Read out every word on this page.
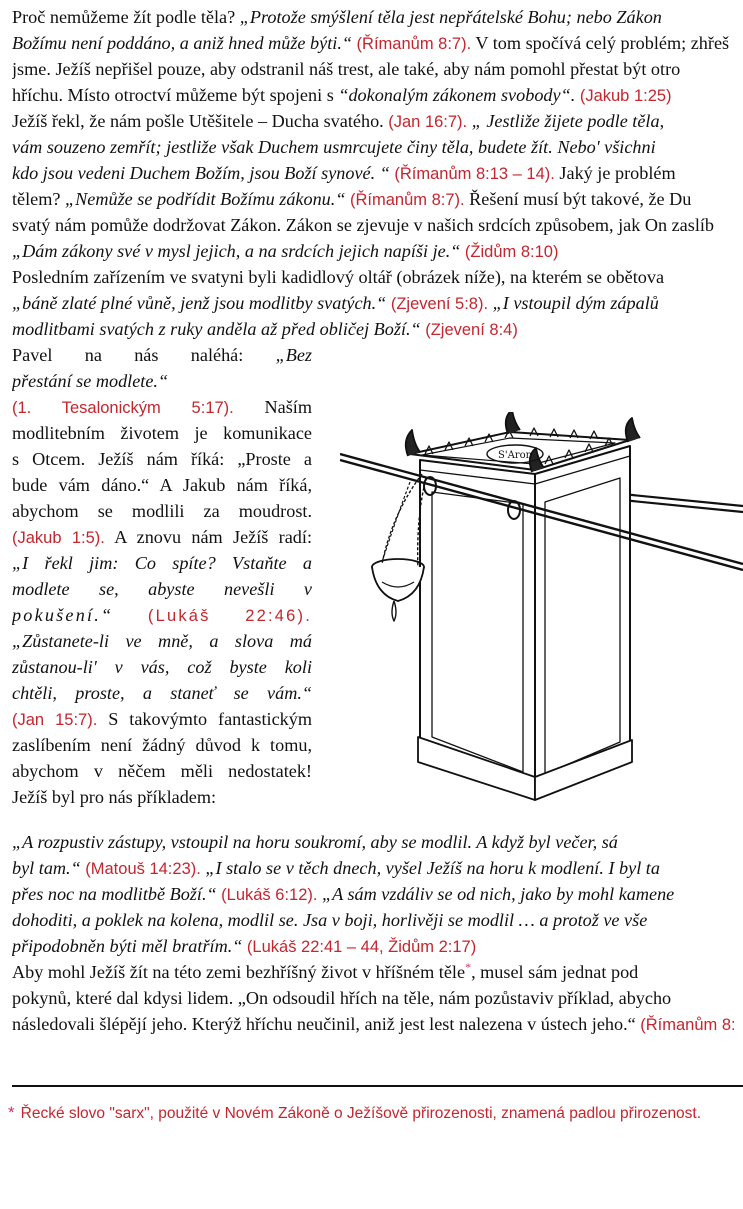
Proč nemůžeme žít podle těla? „Protože smýšlení těla jest nepřátelské Bohu; nebo Zákon
Božímu není poddáno, a aniž hned může býti.“ (Římanům 8:7). V tom spočívá celý problém; zhřeš
jsme. Ježíš nepřišel pouze, aby odstranil náš trest, ale také, aby nám pomohl přestat být otro
hříchu. Místo otroctví můžeme být spojeni s “dokonalým zákonem svobody“. (Jakub 1:25)
Ježíš řekl, že nám pošle Utěšitele – Ducha svatého. (Jan 16:7). „ Jestliže žijete podle těla,
vám souzeno zemřít; jestliže však Duchem usmrcujete činy těla, budete žít. Nebo' všichni
kdo jsou vedeni Duchem Božím, jsou Boží synové. “ (Římanům 8:13 – 14). Jaký je problém
tělem? „Nemůže se podřídit Božímu zákonu.“ (Římanům 8:7). Řešení musí být takové, že Du
svatý nám pomůže dodržovat Zákon. Zákon se zjevuje v našich srdcích způsobem, jak On zaslíb
„Dám zákony své v mysl jejich, a na srdcích jejich napíši je.“ (Židům 8:10)
Posledním zařízením ve svatyni byli kadidlový oltář (obrázek níže), na kterém se obětova
„báně zlaté plné vůně, jenž jsou modlitby svatých.“ (Zjevení 5:8). „I vstoupil dým zápalů
modlitbami svatých z ruky anděla až před obličej Boží.“ (Zjevení 8:4)
Pavel na nás naléhá: „Bez
přestání se modlete.“
(1. Tesalonickým 5:17). Naším
modlitebním životem je komunikace
s Otcem. Ježíš nám říká: „Proste a
bude vám dáno.“ A Jakub nám říká,
abychom se modlili za moudrost.
(Jakub 1:5). A znovu nám Ježíš radí:
„I řekl jim: Co spíte? Vstaňte a
modlete se, abyste nevešli v
pokušení.“ (Lukáš 22:46).
„Zůstanete-li ve mně, a slova má
zůstanou-li' v vás, což byste koli
chtěli, proste, a staneť se vám.“
(Jan 15:7). S takovýmto fantastickým
zaslíbením není žádný důvod k tomu,
abychom v něčem měli nedostatek!
Ježíš byl pro nás příkladem:
S'Aron
„A rozpustiv zástupy, vstoupil na horu soukromí, aby se modlil. A když byl večer, sá
byl tam.“ (Matouš 14:23). „I stalo se v těch dnech, vyšel Ježíš na horu k modlení. I byl ta
přes noc na modlitbě Boží.“ (Lukáš 6:12). „A sám vzdáliv se od nich, jako by mohl kamene
dohoditi, a poklek na kolena, modlil se. Jsa v boji, horlivěji se modlil … a protož ve vše
připodobněn býti měl bratřím.“ (Lukáš 22:41 – 44, Židům 2:17)
Aby mohl Ježíš žít na této zemi bezhříšný život v hříšném těle*, musel sám jednat pod
pokynů, které dal kdysi lidem. „On odsoudil hřích na těle, nám pozůstaviv příklad, abycho
následovali šlépějí jeho. Kterýž hříchu neučinil, aniž jest lest nalezena v ústech jeho.“ (Římanům 8:
* Řecké slovo "sarx", použité v Novém Zákoně o Ježíšově přirozenosti, znamená padlou přirozenost.
